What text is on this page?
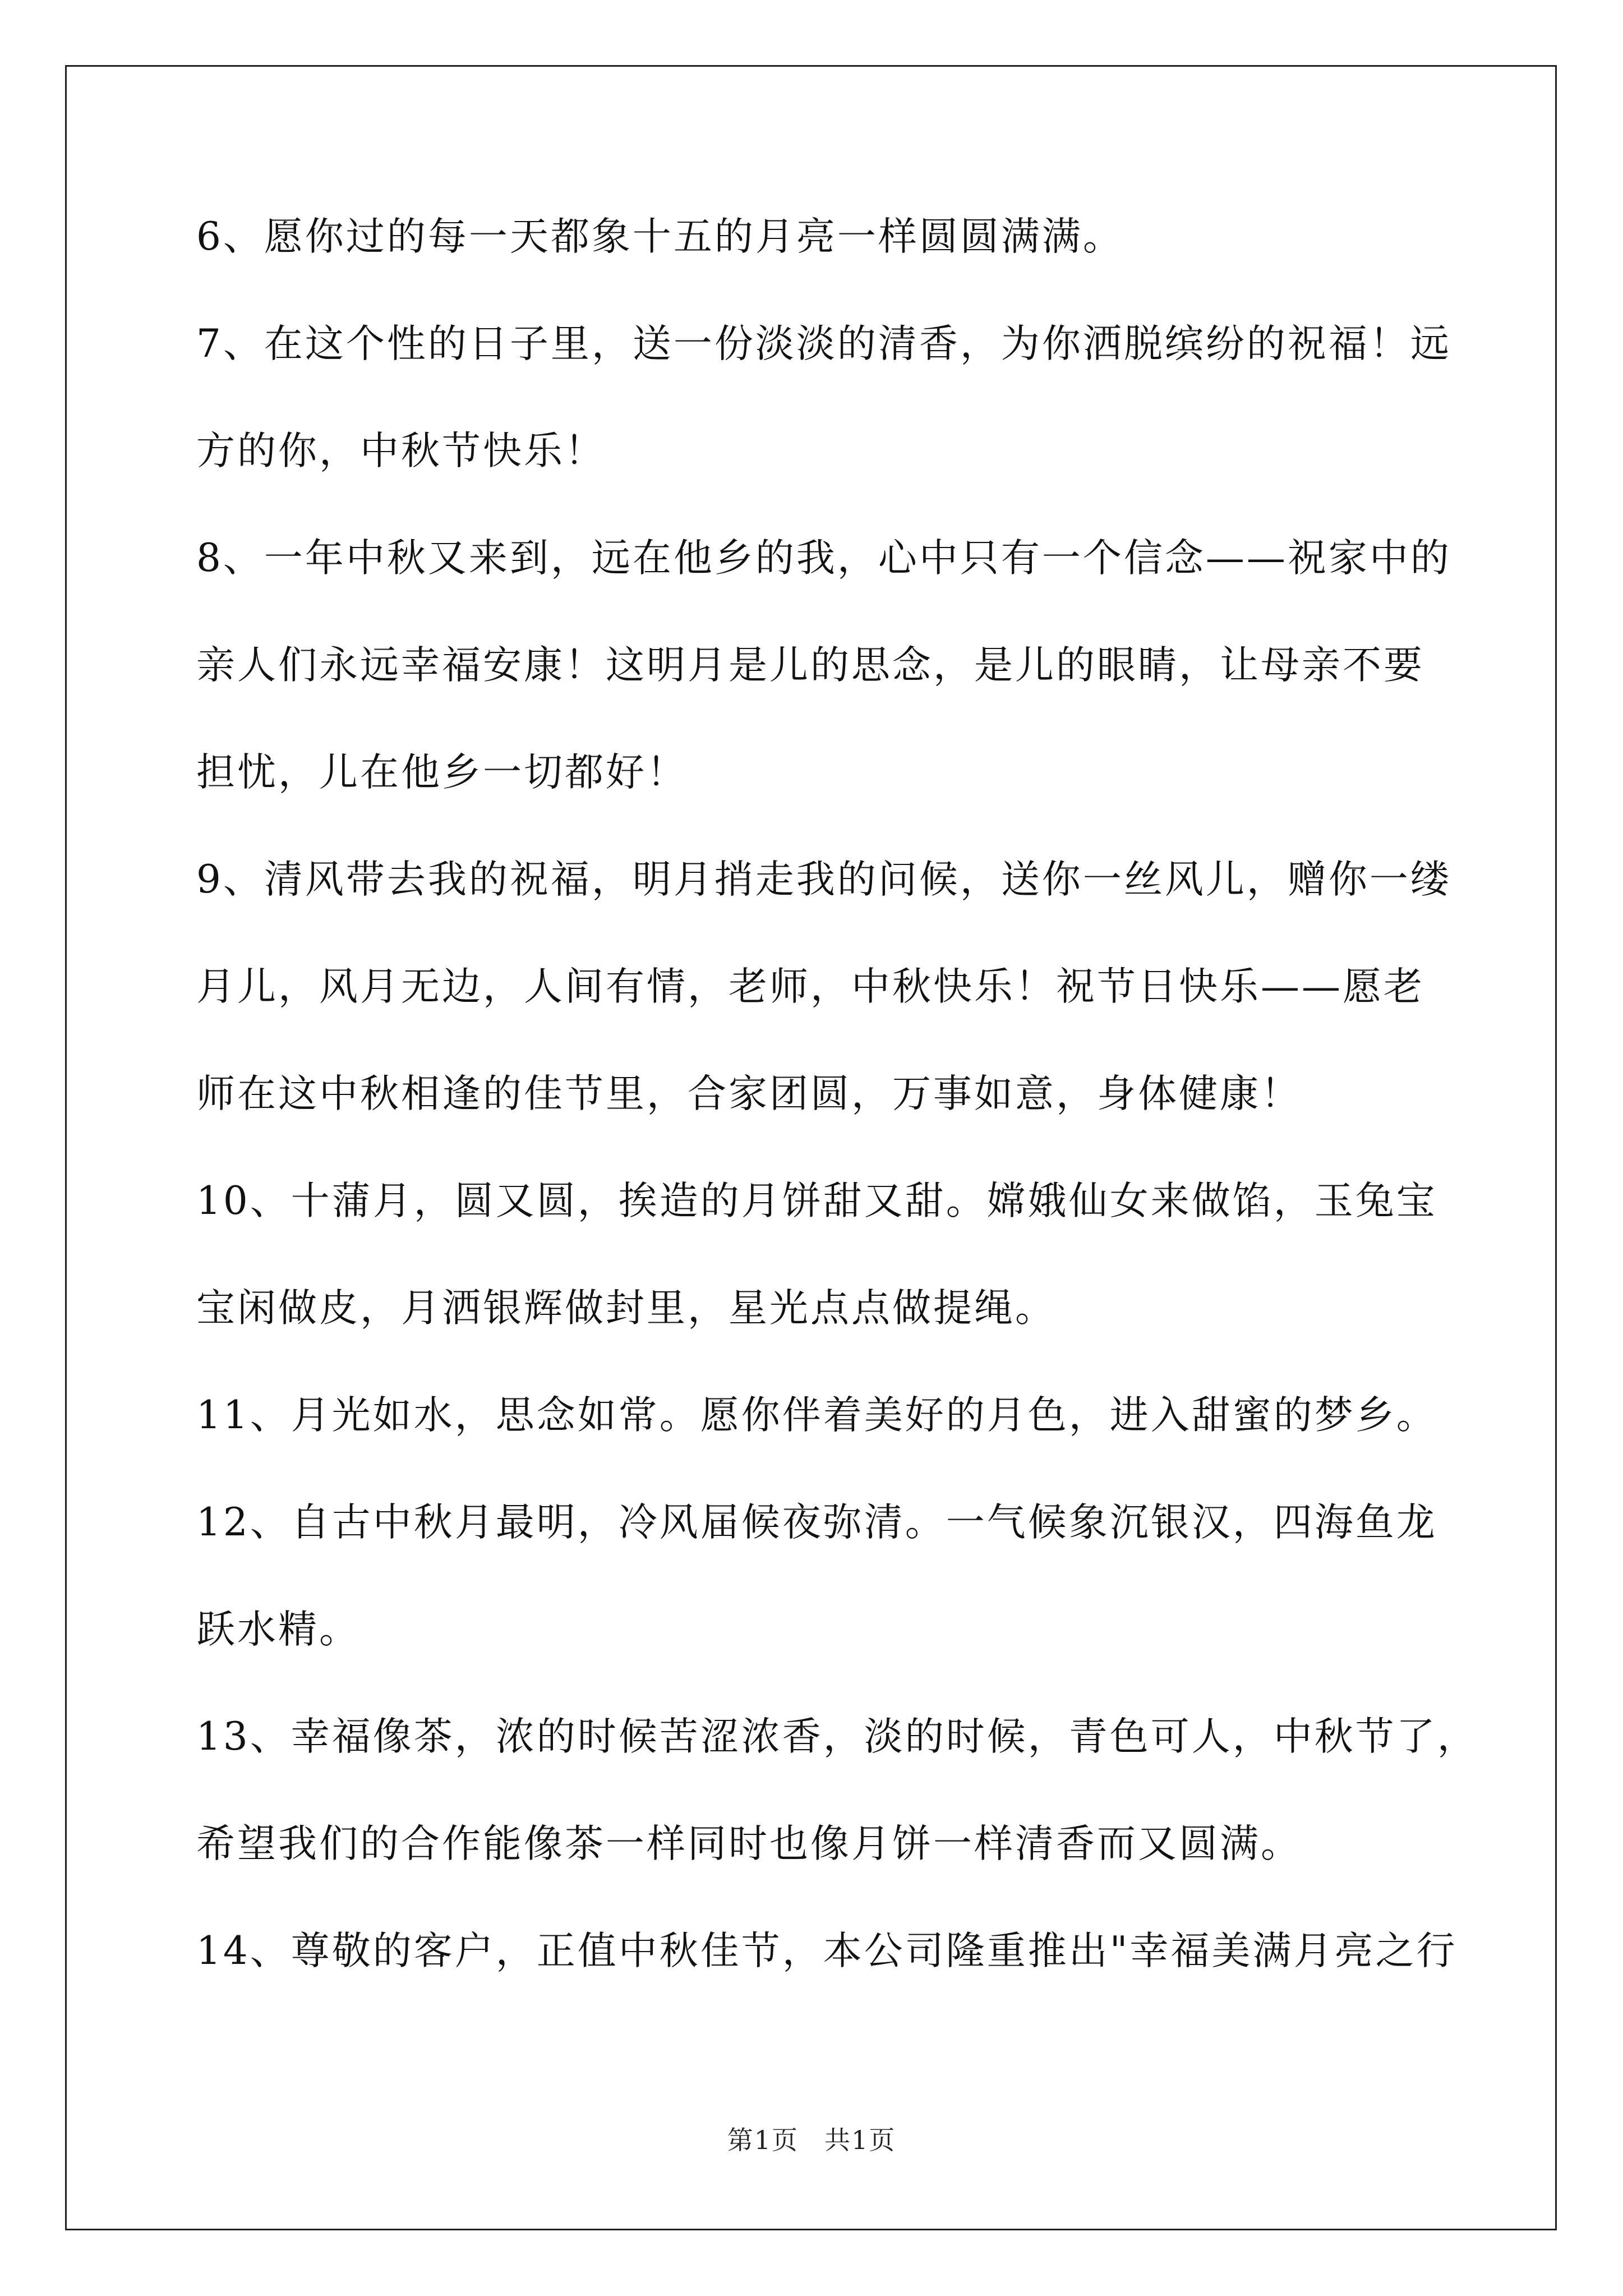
6、愿你过的每一天都象十五的月亮一样圆圆满满。
7、在这个性的日子里，送一份淡淡的清香，为你洒脱缤纷的祝福！远
方的你，中秋节快乐！
8、一年中秋又来到，远在他乡的我，心中只有一个信念——祝家中的
亲人们永远幸福安康！这明月是儿的思念，是儿的眼睛，让母亲不要
担忧，儿在他乡一切都好！
9、清风带去我的祝福，明月捎走我的问候，送你一丝风儿，赠你一缕
月儿，风月无边，人间有情，老师，中秋快乐！祝节日快乐——愿老
师在这中秋相逢的佳节里，合家团圆，万事如意，身体健康！
10、十蒲月，圆又圆，挨造的月饼甜又甜。嫦娥仙女来做馅，玉兔宝
宝闲做皮，月洒银辉做封里，星光点点做提绳。
11、月光如水，思念如常。愿你伴着美好的月色，进入甜蜜的梦乡。
12、自古中秋月最明，冷风届候夜弥清。一气候象沉银汉，四海鱼龙
跃水精。
13、幸福像茶，浓的时候苦涩浓香，淡的时候，青色可人，中秋节了，
希望我们的合作能像茶一样同时也像月饼一样清香而又圆满。
14、尊敬的客户，正值中秋佳节，本公司隆重推出"幸福美满月亮之行
第1页 共1页
